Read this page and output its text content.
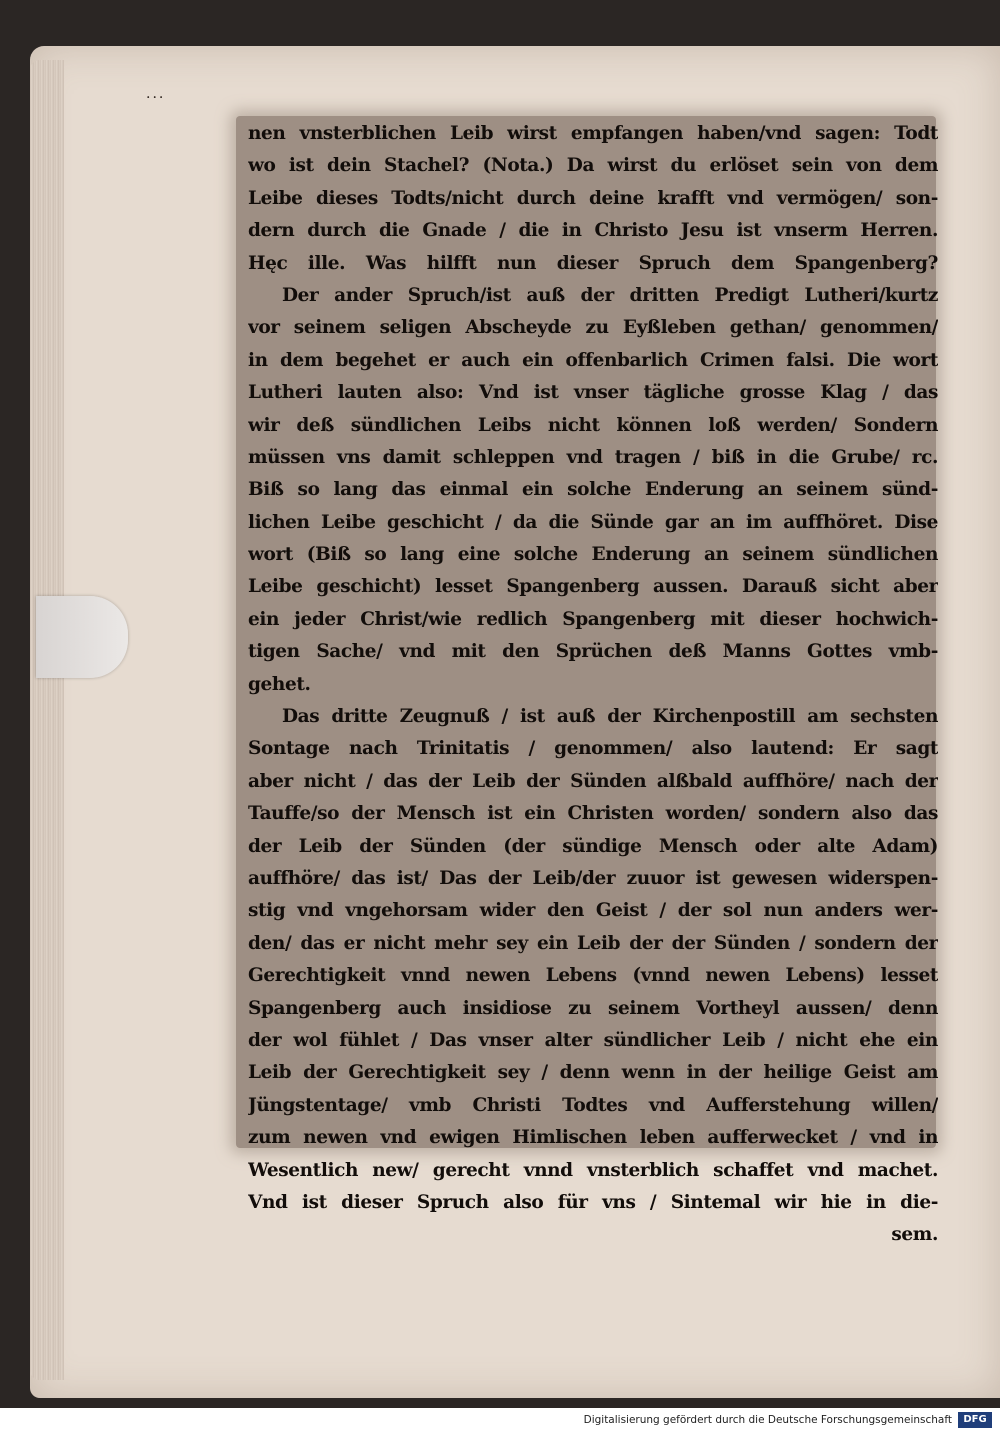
...
nen vnsterblichen Leib wirst empfangen haben/vnd sagen: Todt
wo ist dein Stachel? (Nota.) Da wirst du erlöset sein von dem
Leibe dieses Todts/nicht durch deine krafft vnd vermögen/ son-
dern durch die Gnade / die in Christo Jesu ist vnserm Herren.
Hęc ille. Was hilfft nun dieser Spruch dem Spangenberg?
Der ander Spruch/ist auß der dritten Predigt Lutheri/kurtz
vor seinem seligen Abscheyde zu Eyßleben gethan/ genommen/
in dem begehet er auch ein offenbarlich Crimen falsi. Die wort
Lutheri lauten also: Vnd ist vnser tägliche grosse Klag / das
wir deß sündlichen Leibs nicht können loß werden/ Sondern
müssen vns damit schleppen vnd tragen / biß in die Grube/ rc.
Biß so lang das einmal ein solche Enderung an seinem sünd-
lichen Leibe geschicht / da die Sünde gar an im auffhöret. Dise
wort (Biß so lang eine solche Enderung an seinem sündlichen
Leibe geschicht) lesset Spangenberg aussen. Darauß sicht aber
ein jeder Christ/wie redlich Spangenberg mit dieser hochwich-
tigen Sache/ vnd mit den Sprüchen deß Manns Gottes vmb-
gehet.
Das dritte Zeugnuß / ist auß der Kirchenpostill am sechsten
Sontage nach Trinitatis / genommen/ also lautend: Er sagt
aber nicht / das der Leib der Sünden alßbald auffhöre/ nach der
Tauffe/so der Mensch ist ein Christen worden/ sondern also das
der Leib der Sünden (der sündige Mensch oder alte Adam)
auffhöre/ das ist/ Das der Leib/der zuuor ist gewesen widerspen-
stig vnd vngehorsam wider den Geist / der sol nun anders wer-
den/ das er nicht mehr sey ein Leib der der Sünden / sondern der
Gerechtigkeit vnnd newen Lebens (vnnd newen Lebens) lesset
Spangenberg auch insidiose zu seinem Vortheyl aussen/ denn
der wol fühlet / Das vnser alter sündlicher Leib / nicht ehe ein
Leib der Gerechtigkeit sey / denn wenn in der heilige Geist am
Jüngstentage/ vmb Christi Todtes vnd Aufferstehung willen/
zum newen vnd ewigen Himlischen leben aufferwecket / vnd in
Wesentlich new/ gerecht vnnd vnsterblich schaffet vnd machet.
Vnd ist dieser Spruch also für vns / Sintemal wir hie in die-
sem.
Digitalisierung gefördert durch die Deutsche Forschungsgemeinschaft	DFG
